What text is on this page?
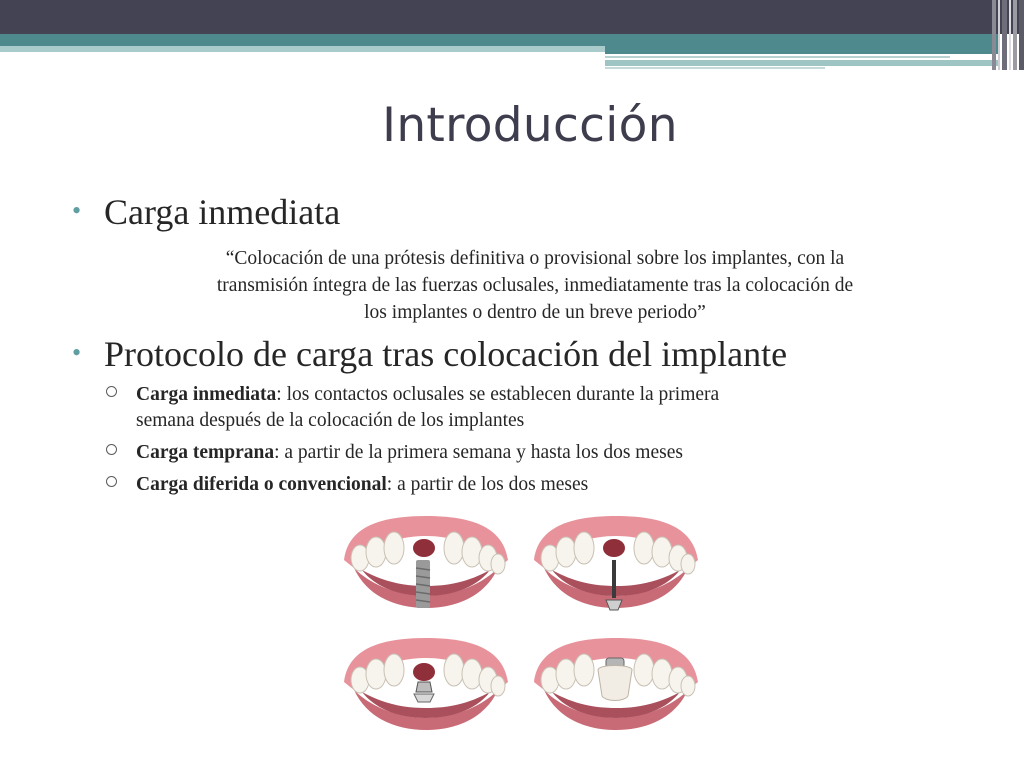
Introducción
• Carga inmediata
“Colocación de una prótesis definitiva o provisional sobre los implantes, con la
transmisión íntegra de las fuerzas oclusales, inmediatamente tras la colocación de
los implantes o dentro de un breve periodo”
• Protocolo de carga tras colocación del implante
Carga inmediata: los contactos oclusales se establecen durante la primera
semana después de la colocación de los implantes
Carga temprana: a partir de la primera semana y hasta los dos meses
Carga diferida o convencional: a partir de los dos meses
